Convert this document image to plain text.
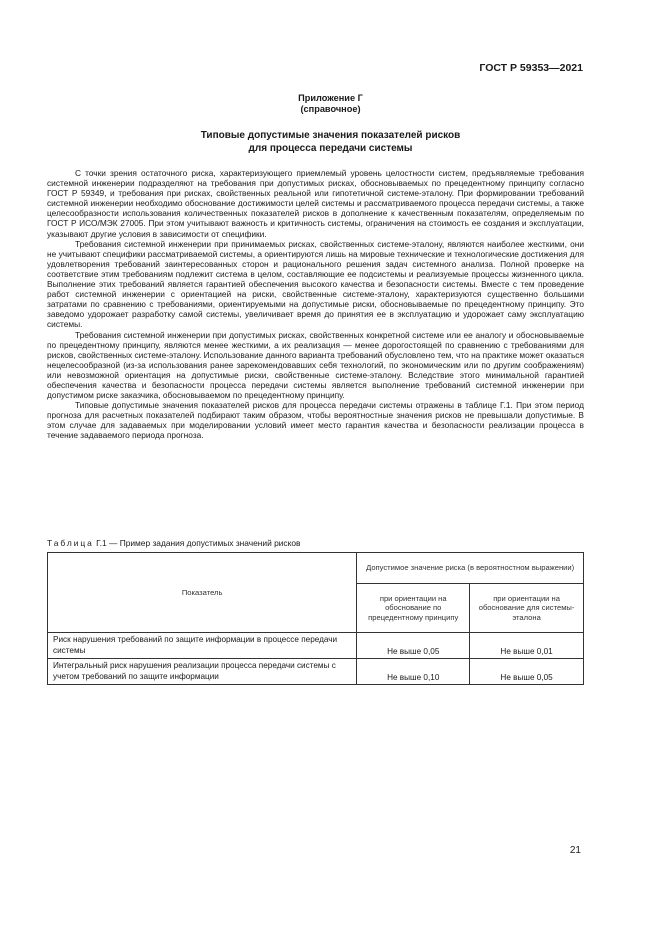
ГОСТ Р 59353—2021
Приложение Г
(справочное)
Типовые допустимые значения показателей рисков
для процесса передачи системы

С точки зрения остаточного риска, характеризующего приемлемый уровень целостности систем, предъявляемые требования системной инженерии подразделяют на требования при допустимых рисках, обосновываемых по прецедентному принципу согласно ГОСТ Р 59349, и требования при рисках, свойственных реальной или гипотетичной системе-эталону. При формировании требований системной инженерии необходимо обоснование достижимости целей системы и рассматриваемого процесса передачи системы, а также целесообразности использования количественных показателей рисков в дополнение к качественным показателям, определяемым по ГОСТ Р ИСО/МЭК 27005. При этом учитывают важность и критичность системы, ограничения на стоимость ее создания и эксплуатации, указывают другие условия в зависимости от специфики.

Требования системной инженерии при принимаемых рисках, свойственных системе-эталону, являются наиболее жесткими, они не учитывают специфики рассматриваемой системы, а ориентируются лишь на мировые технические и технологические достижения для удовлетворения требований заинтересованных сторон и рационального решения задач системного анализа. Полной проверке на соответствие этим требованиям подлежит система в целом, составляющие ее подсистемы и реализуемые процессы жизненного цикла. Выполнение этих требований является гарантией обеспечения высокого качества и безопасности системы. Вместе с тем проведение работ системной инженерии с ориентацией на риски, свойственные системе-эталону, характеризуются существенно большими затратами по сравнению с требованиями, ориентируемыми на допустимые риски, обосновываемые по прецедентному принципу. Это заведомо удорожает разработку самой системы, увеличивает время до принятия ее в эксплуатацию и удорожает саму эксплуатацию системы.

Требования системной инженерии при допустимых рисках, свойственных конкретной системе или ее аналогу и обосновываемые по прецедентному принципу, являются менее жесткими, а их реализация — менее дорогостоящей по сравнению с требованиями для рисков, свойственных системе-эталону. Использование данного варианта требований обусловлено тем, что на практике может оказаться нецелесообразной (из-за использования ранее зарекомендовавших себя технологий, по экономическим или по другим соображениям) или невозможной ориентация на допустимые риски, свойственные системе-эталону. Вследствие этого минимальной гарантией обеспечения качества и безопасности процесса передачи системы является выполнение требований системной инженерии при допустимом риске заказчика, обосновываемом по прецедентному принципу.

Типовые допустимые значения показателей рисков для процесса передачи системы отражены в таблице Г.1. При этом период прогноза для расчетных показателей подбирают таким образом, чтобы вероятностные значения рисков не превышали допустимые. В этом случае для задаваемых при моделировании условий имеет место гарантия качества и безопасности реализации процесса в течение задаваемого периода прогноза.

Таблица Г.1 — Пример задания допустимых значений рисков
Показатель	Допустимое значение риска (в вероятностном выражении)	
	при ориентации на обоснование по прецедентному принципу	при ориентации на обоснование для системы-эталона
Риск нарушения требований по защите информации в процессе передачи системы	Не выше 0,05	Не выше 0,01
Интегральный риск нарушения реализации процесса передачи системы с учетом требований по защите информации	Не выше 0,10	Не выше 0,05
21
